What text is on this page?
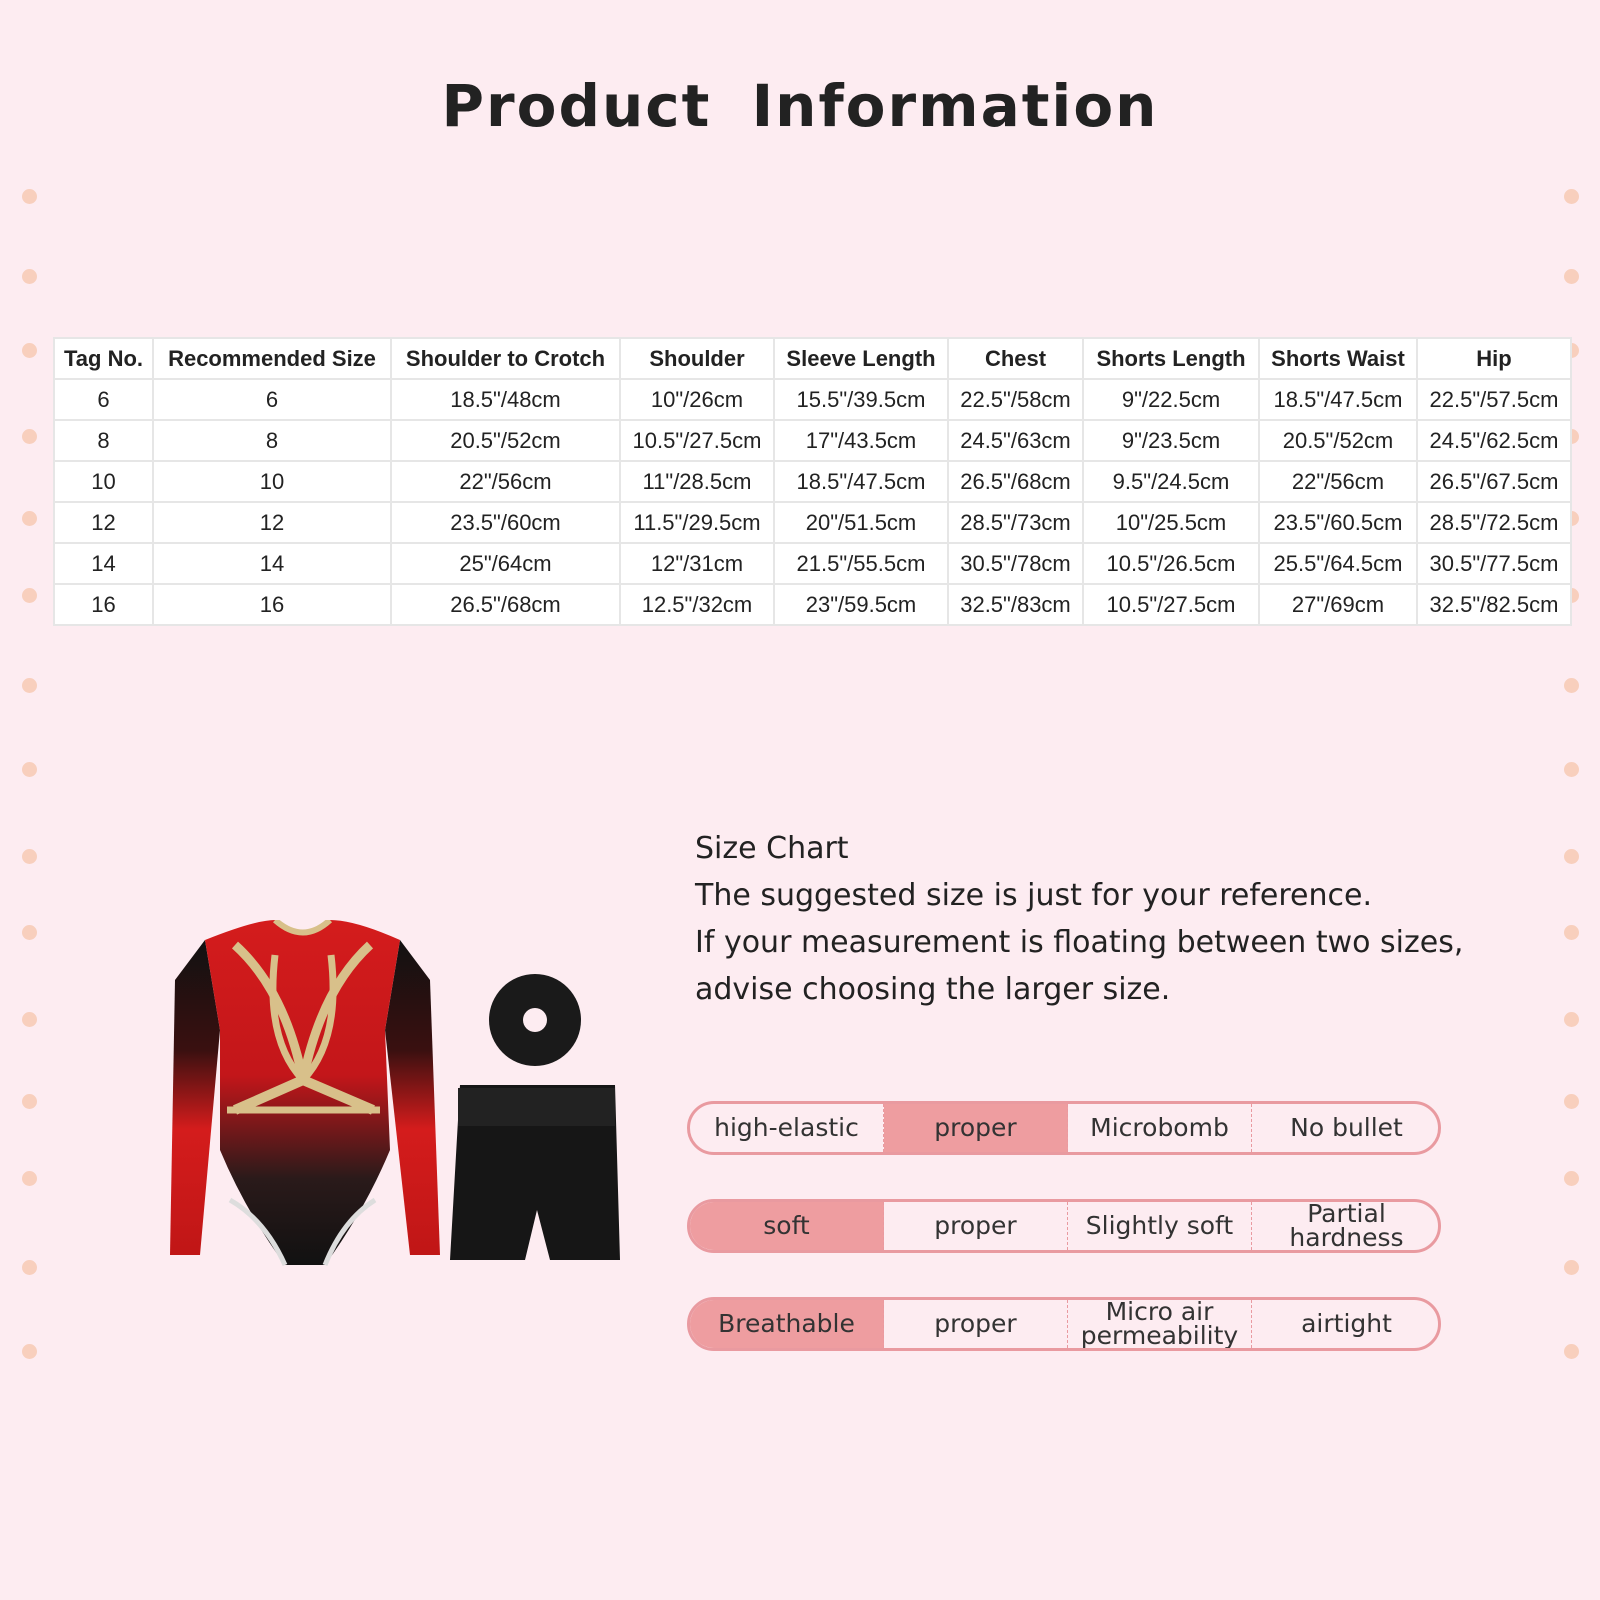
Product Information
Tag No.	Recommended Size	Shoulder to Crotch	Shoulder	Sleeve Length	Chest	Shorts Length	Shorts Waist	Hip
6	6	18.5"/48cm	10"/26cm	15.5"/39.5cm	22.5"/58cm	9"/22.5cm	18.5"/47.5cm	22.5"/57.5cm
8	8	20.5"/52cm	10.5"/27.5cm	17"/43.5cm	24.5"/63cm	9"/23.5cm	20.5"/52cm	24.5"/62.5cm
10	10	22"/56cm	11"/28.5cm	18.5"/47.5cm	26.5"/68cm	9.5"/24.5cm	22"/56cm	26.5"/67.5cm
12	12	23.5"/60cm	11.5"/29.5cm	20"/51.5cm	28.5"/73cm	10"/25.5cm	23.5"/60.5cm	28.5"/72.5cm
14	14	25"/64cm	12"/31cm	21.5"/55.5cm	30.5"/78cm	10.5"/26.5cm	25.5"/64.5cm	30.5"/77.5cm
16	16	26.5"/68cm	12.5"/32cm	23"/59.5cm	32.5"/83cm	10.5"/27.5cm	27"/69cm	32.5"/82.5cm
Size Chart
The suggested size is just for your reference.
If your measurement is floating between two sizes,
advise choosing the larger size.
high-elastic	proper	Microbomb	No bullet
soft	proper	Slightly soft	Partial hardness
Breathable	proper	Micro air permeability	airtight
